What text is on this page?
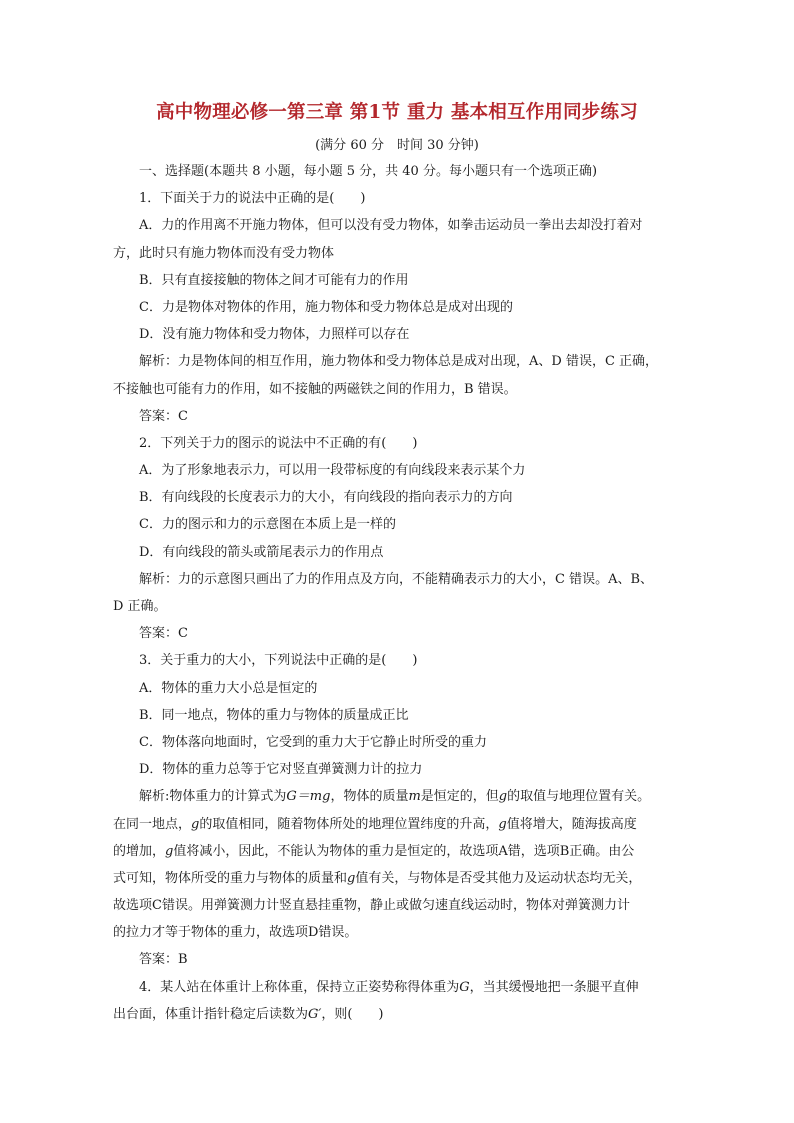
高中物理必修一第三章 第1节 重力 基本相互作用同步练习
(满分 60 分　时间 30 分钟)
一、选择题(本题共 8 小题，每小题 5 分，共 40 分。每小题只有一个选项正确)
1．下面关于力的说法中正确的是(　　)
A．力的作用离不开施力物体，但可以没有受力物体，如拳击运动员一拳出去却没打着对
方，此时只有施力物体而没有受力物体
B．只有直接接触的物体之间才可能有力的作用
C．力是物体对物体的作用，施力物体和受力物体总是成对出现的
D．没有施力物体和受力物体，力照样可以存在
解析：力是物体间的相互作用，施力物体和受力物体总是成对出现，A、D 错误，C 正确，
不接触也可能有力的作用，如不接触的两磁铁之间的作用力，B 错误。
答案：C
2．下列关于力的图示的说法中不正确的有(　　)
A．为了形象地表示力，可以用一段带标度的有向线段来表示某个力
B．有向线段的长度表示力的大小，有向线段的指向表示力的方向
C．力的图示和力的示意图在本质上是一样的
D．有向线段的箭头或箭尾表示力的作用点
解析：力的示意图只画出了力的作用点及方向，不能精确表示力的大小，C 错误。A、B、
D 正确。
答案：C
3．关于重力的大小，下列说法中正确的是(　　)
A．物体的重力大小总是恒定的
B．同一地点，物体的重力与物体的质量成正比
C．物体落向地面时，它受到的重力大于它静止时所受的重力
D．物体的重力总等于它对竖直弹簧测力计的拉力
解析:物体重力的计算式为G＝mg，物体的质量m是恒定的，但g的取值与地理位置有关。
在同一地点，g的取值相同，随着物体所处的地理位置纬度的升高，g值将增大，随海拔高度
的增加，g值将减小，因此，不能认为物体的重力是恒定的，故选项A错，选项B正确。由公
式可知，物体所受的重力与物体的质量和g值有关，与物体是否受其他力及运动状态均无关，
故选项C错误。用弹簧测力计竖直悬挂重物，静止或做匀速直线运动时，物体对弹簧测力计
的拉力才等于物体的重力，故选项D错误。
答案：B
4．某人站在体重计上称体重，保持立正姿势称得体重为G，当其缓慢地把一条腿平直伸
出台面，体重计指针稳定后读数为G′，则(　　)
